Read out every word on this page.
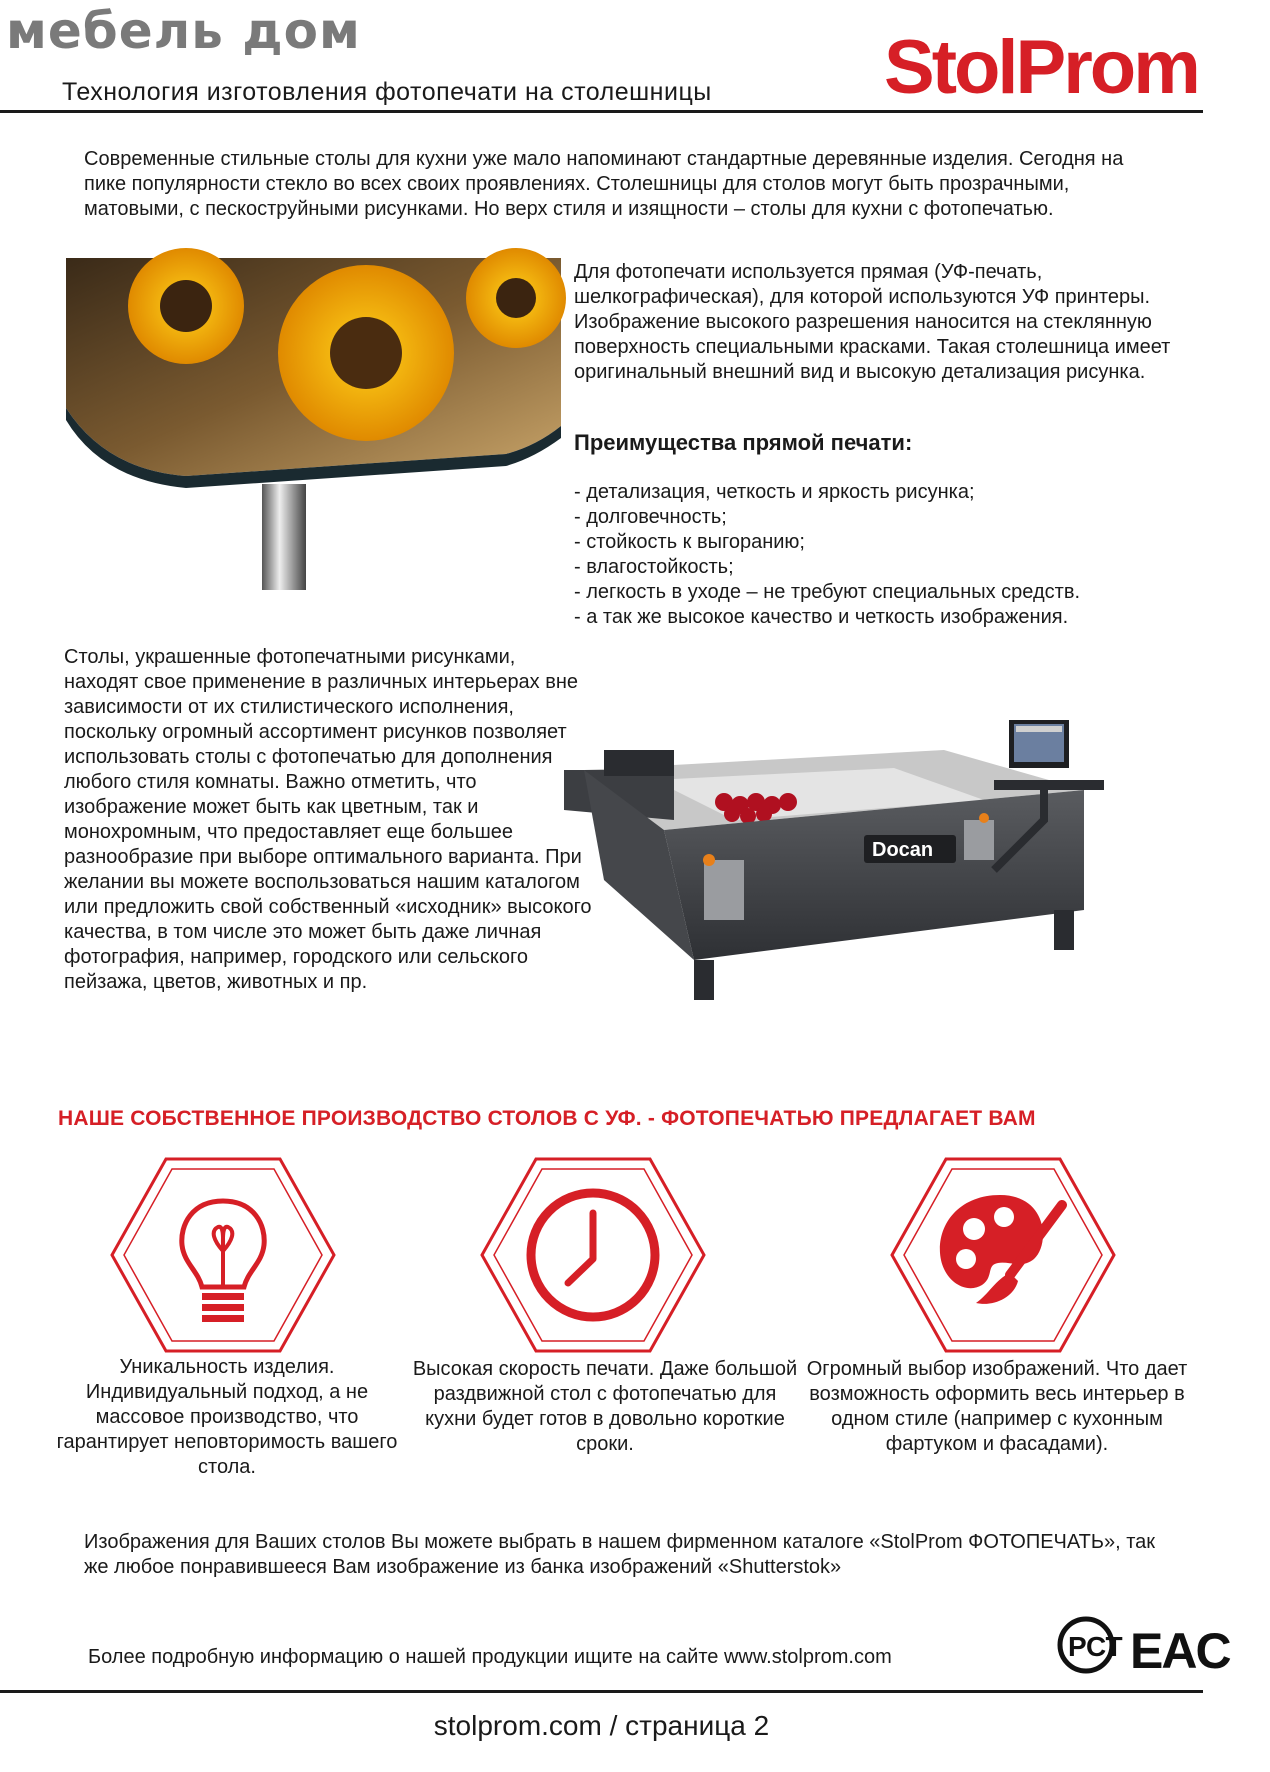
мебель дом
Технология изготовления фотопечати на столешницы StolProm

Современные стильные столы для кухни уже мало напоминают стандартные деревянные изделия. Сегодня на пике популярности стекло во всех своих проявлениях. Столешницы для столов могут быть прозрачными, матовыми, с пескоструйными рисунками. Но верх стиля и изящности – столы для кухни с фотопечатью.

Для фотопечати используется прямая (УФ-печать, шелкографическая), для которой используются УФ принтеры. Изображение высокого разрешения наносится на стеклянную поверхность специальными красками. Такая столешница имеет оригинальный внешний вид и высокую детализация рисунка.

Преимущества прямой печати:
- детализация, четкость и яркость рисунка;
- долговечность;
- стойкость к выгоранию;
- влагостойкость;
- легкость в уходе – не требуют специальных средств.
- а так же высокое качество и четкость изображения.

Столы, украшенные фотопечатными рисунками, находят свое применение в различных интерьерах вне зависимости от их стилистического исполнения, поскольку огромный ассортимент рисунков позволяет использовать столы с фотопечатью для дополнения любого стиля комнаты. Важно отметить, что изображение может быть как цветным, так и монохромным, что предоставляет еще большее разнообразие при выборе оптимального варианта. При желании вы можете воспользоваться нашим каталогом или предложить свой собственный «исходник» высокого качества, в том числе это может быть даже личная фотография, например, городского или сельского пейзажа, цветов, животных и пр.

Docan
НАШЕ СОБСТВЕННОЕ ПРОИЗВОДСТВО СТОЛОВ С УФ. - ФОТОПЕЧАТЬЮ ПРЕДЛАГАЕТ ВАМ

Уникальность изделия. Индивидуальный подход, а не массовое производство, что гарантирует неповторимость вашего стола.

Высокая скорость печати. Даже большой раздвижной стол с фотопечатью для кухни будет готов в довольно короткие сроки.

Огромный выбор изображений. Что дает возможность оформить весь интерьер в одном стиле (например с кухонным фартуком и фасадами).

Изображения для Ваших столов Вы можете выбрать в нашем фирменном каталоге «StolProm ФОТОПЕЧАТЬ», так же любое понравившееся Вам изображение из банка изображений «Shutterstok»

Более подробную информацию о нашей продукции ищите на сайте www.stolprom.com	РСТ EAC
stolprom.com / страница 2
